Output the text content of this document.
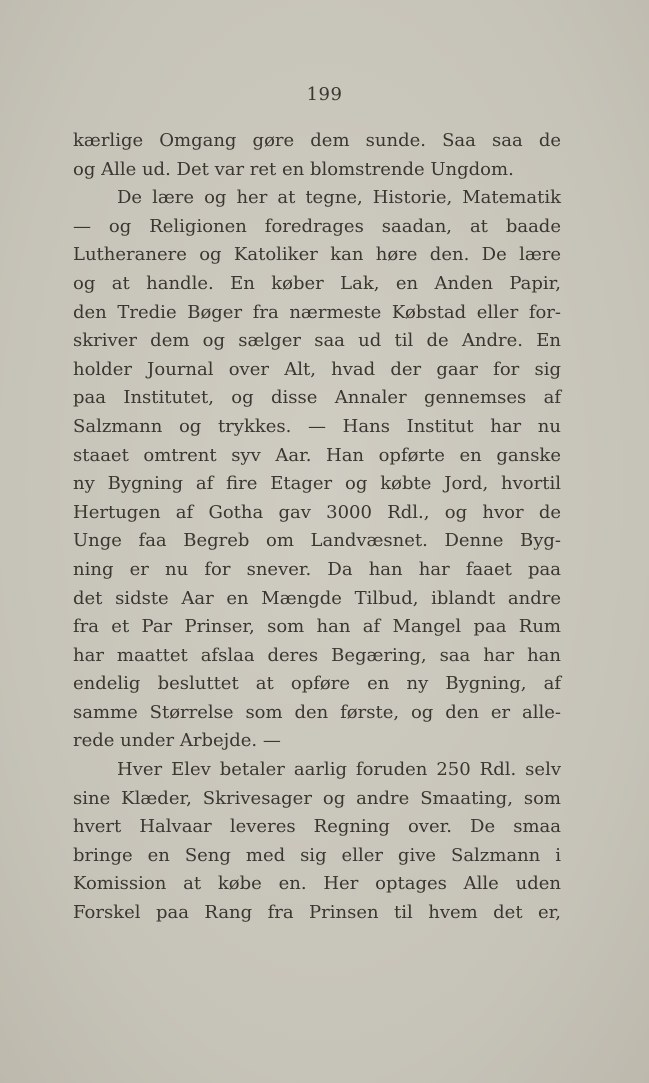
199
kærlige Omgang gøre dem sunde. Saa saa de
og Alle ud. Det var ret en blomstrende Ungdom.
De lære og her at tegne, Historie, Matematik
— og Religionen foredrages saadan, at baade
Lutheranere og Katoliker kan høre den. De lære
og at handle. En køber Lak, en Anden Papir,
den Tredie Bøger fra nærmeste Købstad eller for-
skriver dem og sælger saa ud til de Andre. En
holder Journal over Alt, hvad der gaar for sig
paa Institutet, og disse Annaler gennemses af
Salzmann og trykkes. — Hans Institut har nu
staaet omtrent syv Aar. Han opførte en ganske
ny Bygning af fire Etager og købte Jord, hvortil
Hertugen af Gotha gav 3000 Rdl., og hvor de
Unge faa Begreb om Landvæsnet. Denne Byg-
ning er nu for snever. Da han har faaet paa
det sidste Aar en Mængde Tilbud, iblandt andre
fra et Par Prinser, som han af Mangel paa Rum
har maattet afslaa deres Begæring, saa har han
endelig besluttet at opføre en ny Bygning, af
samme Størrelse som den første, og den er alle-
rede under Arbejde. —
Hver Elev betaler aarlig foruden 250 Rdl. selv
sine Klæder, Skrivesager og andre Smaating, som
hvert Halvaar leveres Regning over. De smaa
bringe en Seng med sig eller give Salzmann i
Komission at købe en. Her optages Alle uden
Forskel paa Rang fra Prinsen til hvem det er,
